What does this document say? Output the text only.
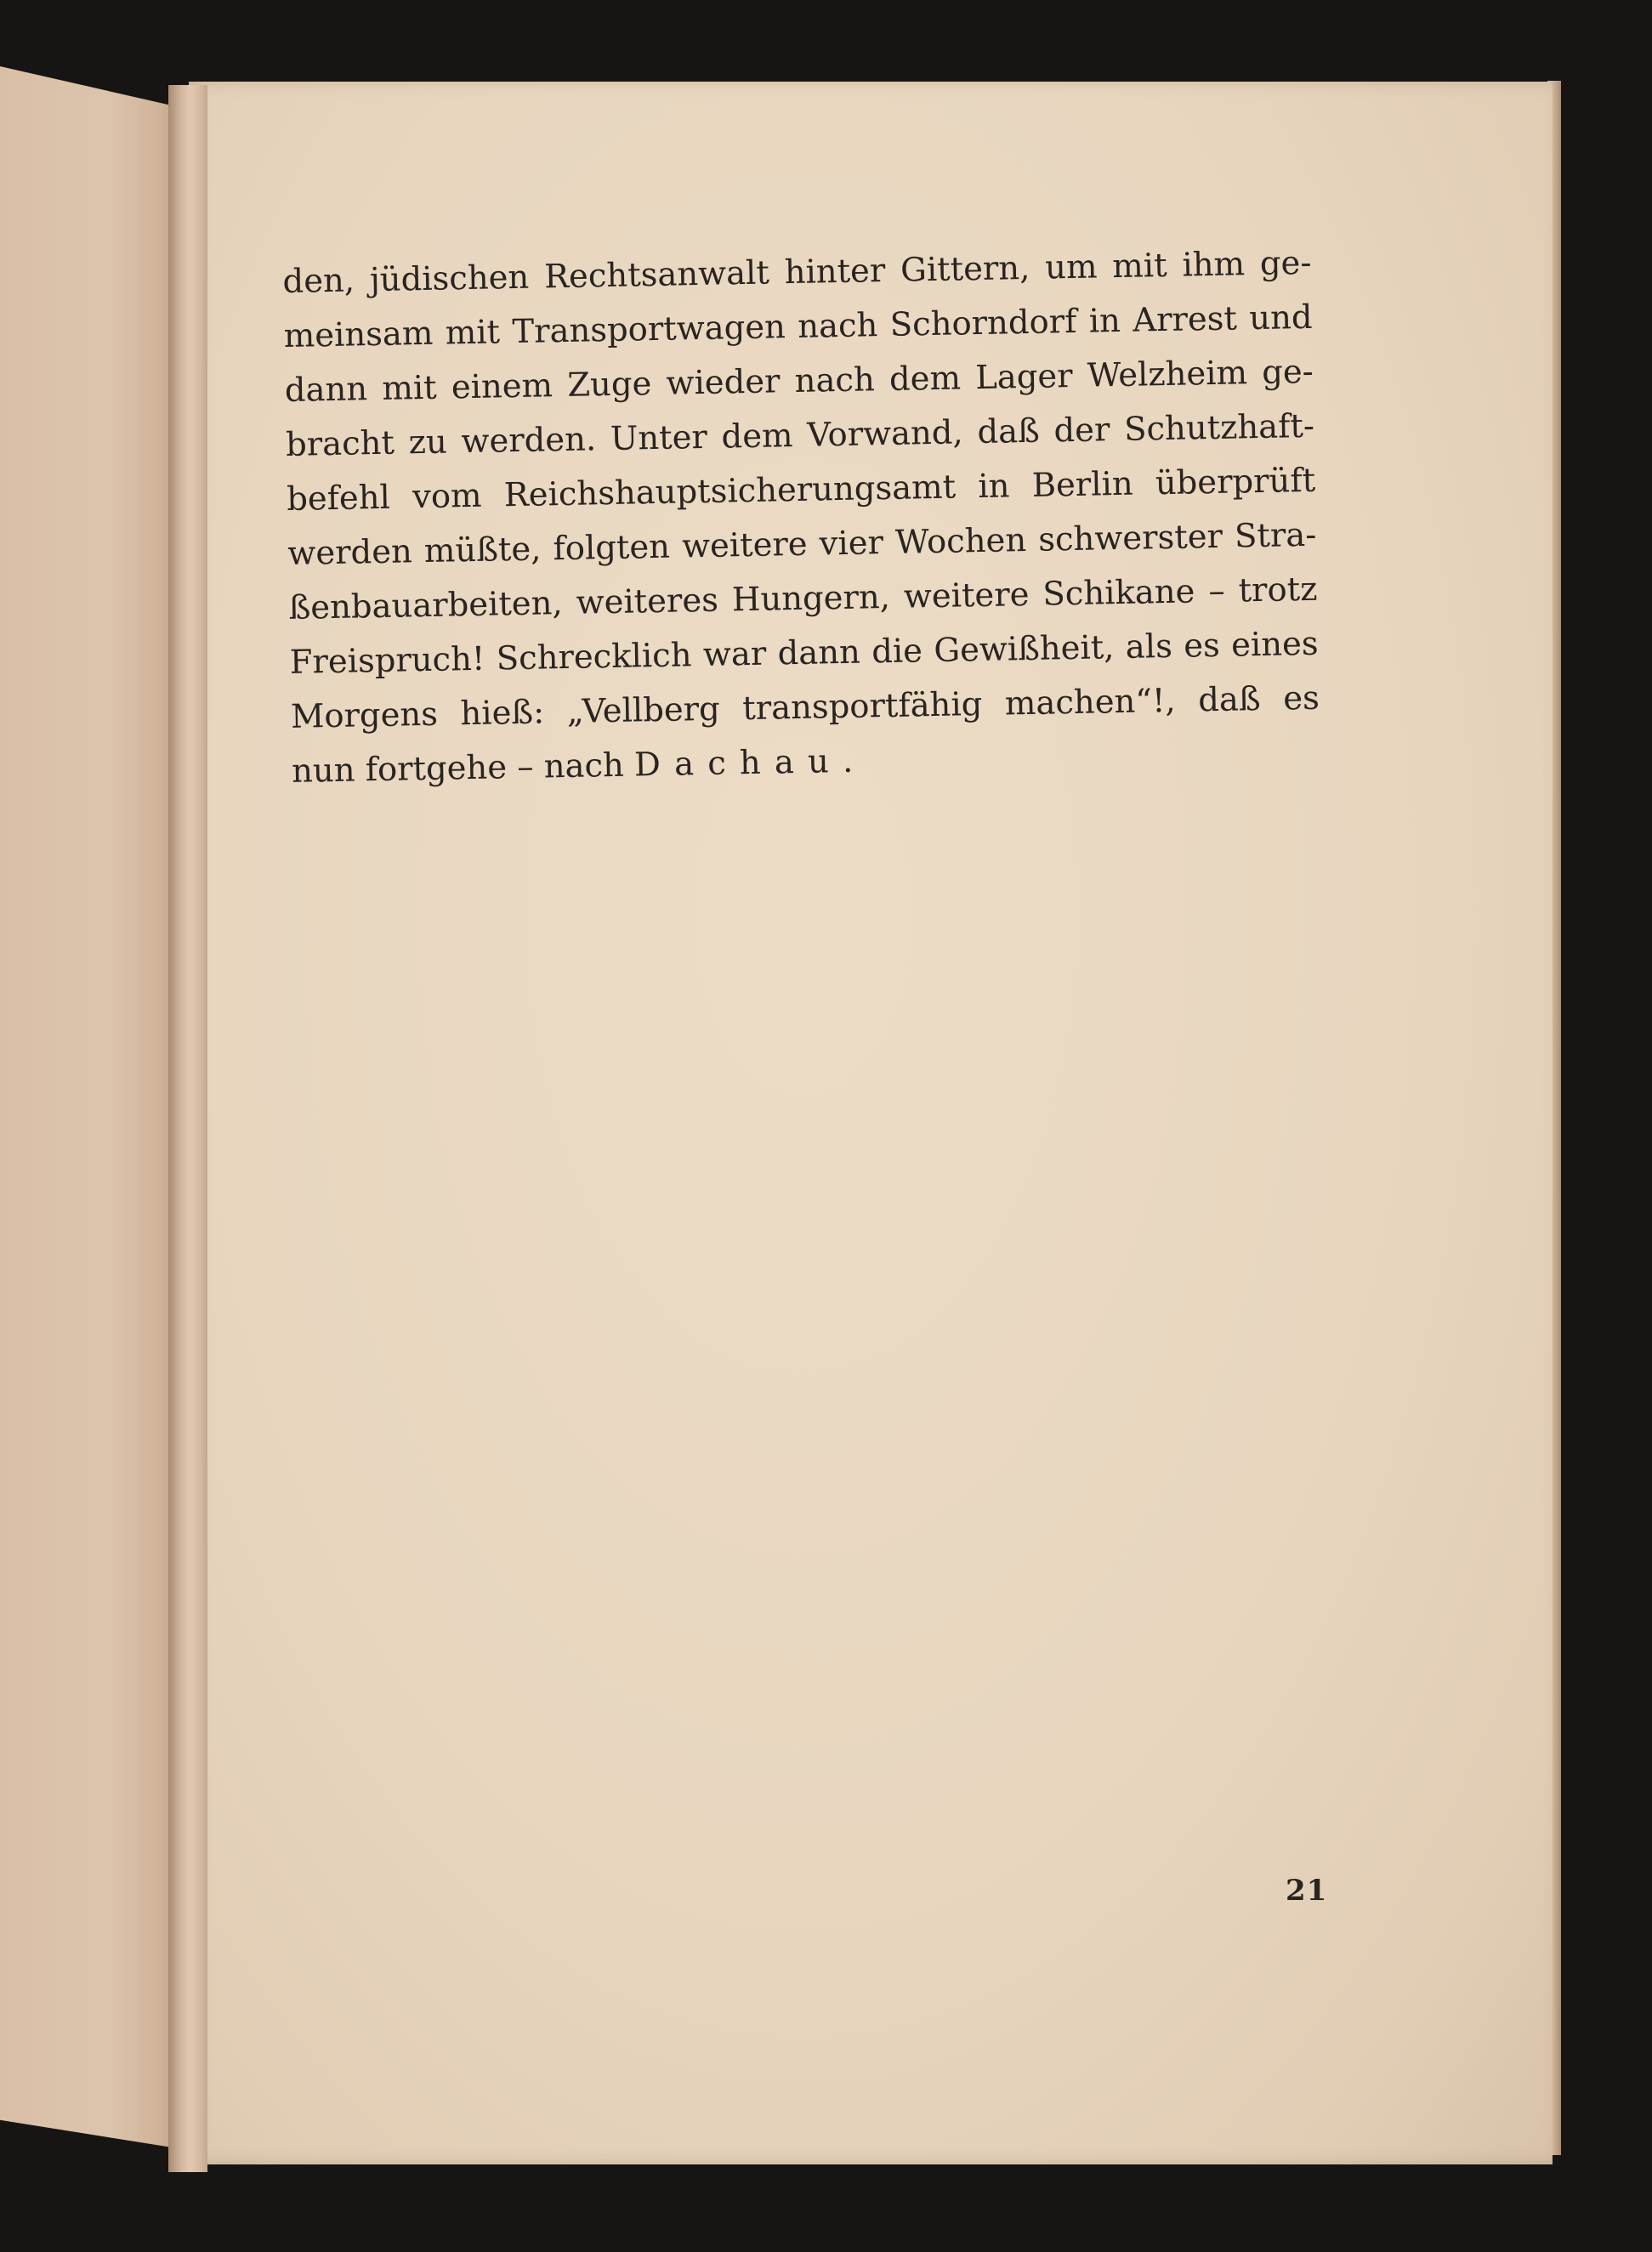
den, jüdischen Rechtsanwalt hinter Gittern, um mit ihm ge-
meinsam mit Transportwagen nach Schorndorf in Arrest und
dann mit einem Zuge wieder nach dem Lager Welzheim ge-
bracht zu werden. Unter dem Vorwand, daß der Schutzhaft-
befehl vom Reichshauptsicherungsamt in Berlin überprüft
werden müßte, folgten weitere vier Wochen schwerster Stra-
ßenbauarbeiten, weiteres Hungern, weitere Schikane – trotz
Freispruch! Schrecklich war dann die Gewißheit, als es eines
Morgens hieß: „Vellberg transportfähig machen“!, daß es
nun fortgehe – nach Dachau.
21
